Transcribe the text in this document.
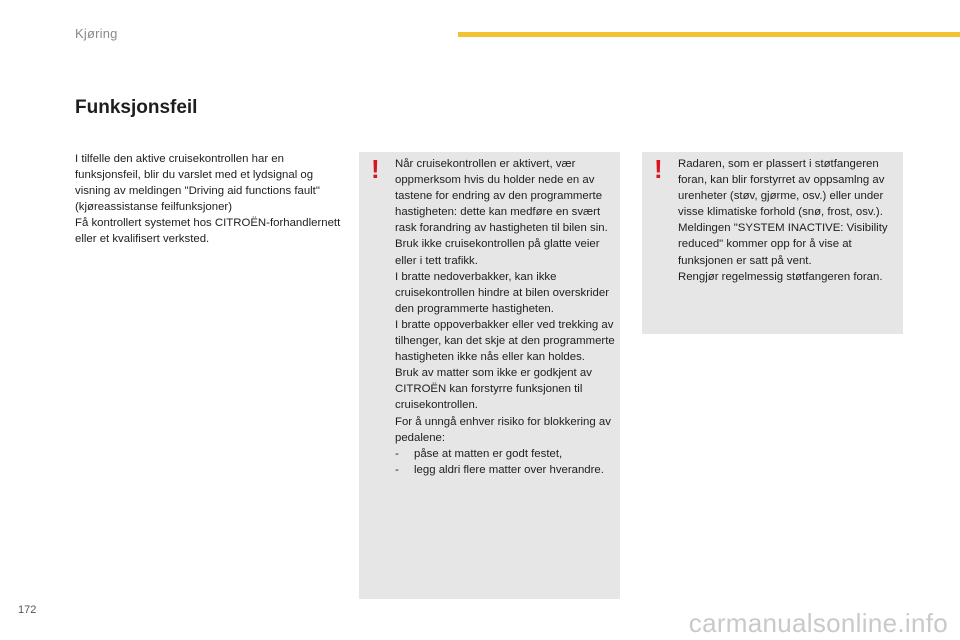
Kjøring
Funksjonsfeil

I tilfelle den aktive cruisekontrollen har en funksjonsfeil, blir du varslet med et lydsignal og visning av meldingen "Driving aid functions fault"(kjøreassistanse feilfunksjoner)

Få kontrollert systemet hos CITROËN-forhandlernett eller et kvalifisert verksted.

! Når cruisekontrollen er aktivert, vær oppmerksom hvis du holder nede en av tastene for endring av den programmerte hastigheten: dette kan medføre en svært rask forandring av hastigheten til bilen sin.

Bruk ikke cruisekontrollen på glatte veier eller i tett trafikk.

I bratte nedoverbakker, kan ikke cruisekontrollen hindre at bilen overskrider den programmerte hastigheten.

I bratte oppoverbakker eller ved trekking av tilhenger, kan det skje at den programmerte hastigheten ikke nås eller kan holdes.

Bruk av matter som ikke er godkjent av CITROËN kan forstyrre funksjonen til cruisekontrollen.

For å unngå enhver risiko for blokkering av pedalene:

- påse at matten er godt festet,
- legg aldri flere matter over hverandre.
! Radaren, som er plassert i støtfangeren foran, kan blir forstyrret av oppsamlng av urenheter (støv, gjørme, osv.) eller under visse klimatiske forhold (snø, frost, osv.).

Meldingen "SYSTEM INACTIVE: Visibility reduced" kommer opp for å vise at funksjonen er satt på vent.

Rengjør regelmessig støtfangeren foran.

172	carmanualsonline.info
